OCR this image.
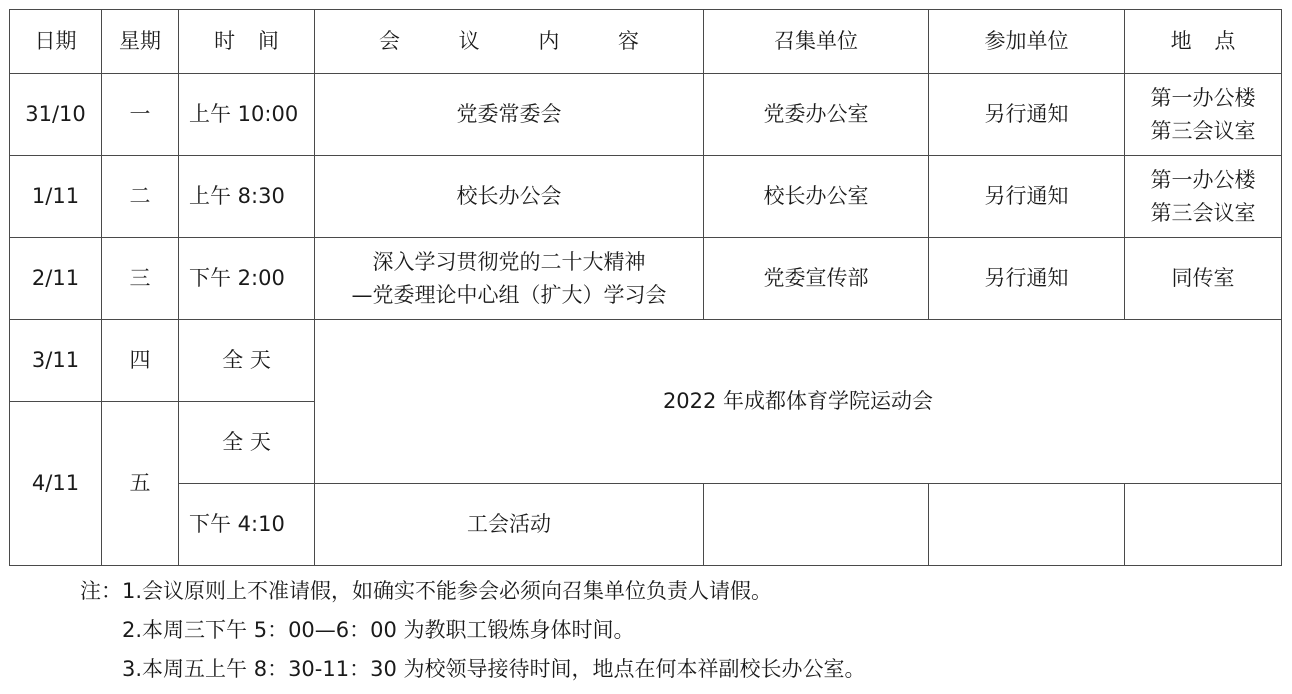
日期	星期	时 间	会 议 内 容	召集单位	参加单位	地 点
31/10	一	上午 10:00	党委常委会	党委办公室	另行通知	第一办公楼
第三会议室

1/11	二	上午 8:30	校长办公会	校长办公室	另行通知	第一办公楼
第三会议室

2/11	三	下午 2:00	深入学习贯彻党的二十大精神
—党委理论中心组（扩大）学习会	党委宣传部	另行通知	同传室

3/11	四	全 天	2022 年成都体育学院运动会			
4/11	五	全 天				
		下午 4:10	工会活动			

注： 1.会议原则上不准请假，如确实不能参会必须向召集单位负责人请假。
2.本周三下午 5：00—6：00 为教职工锻炼身体时间。
3.本周五上午 8：30-11：30 为校领导接待时间，地点在何本祥副校长办公室。
